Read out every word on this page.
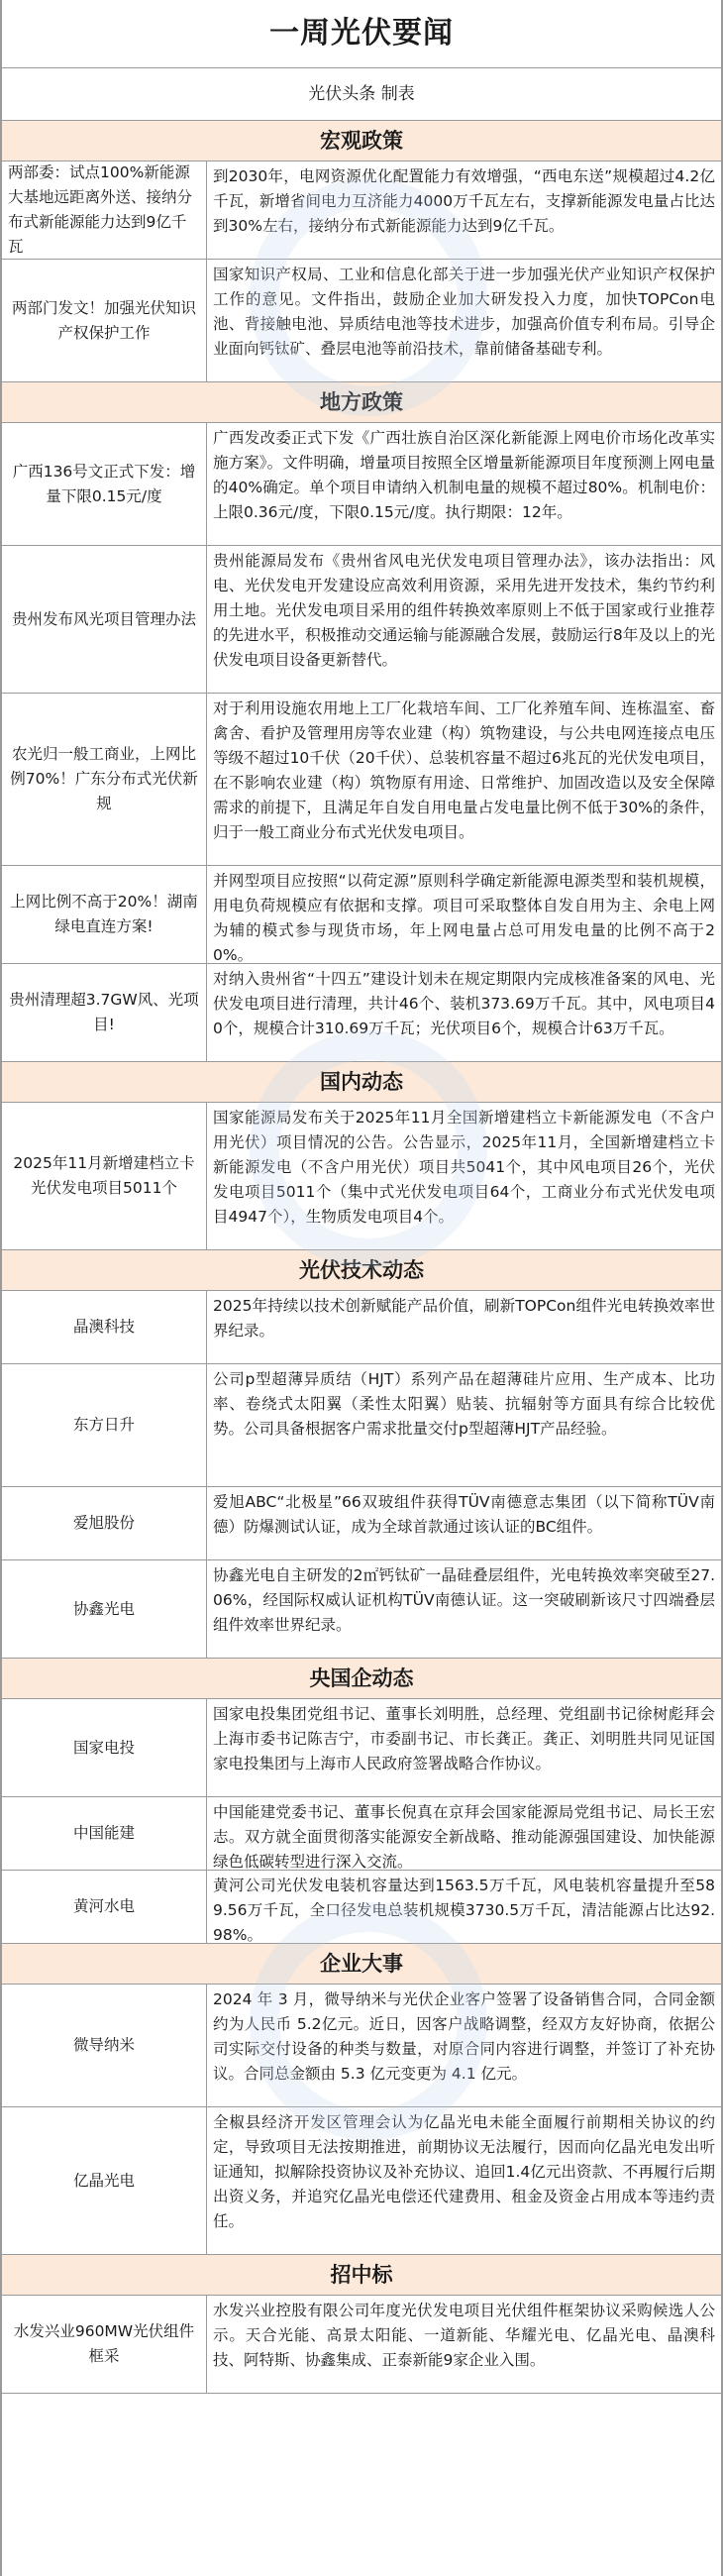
一周光伏要闻
光伏头条 制表
宏观政策
两部委：试点100%新能源大基地远距离外送、接纳分布式新能源能力达到9亿千瓦
到2030年，电网资源优化配置能力有效增强，“西电东送”规模超过4.2亿千瓦，新增省间电力互济能力4000万千瓦左右，支撑新能源发电量占比达到30%左右，接纳分布式新能源能力达到9亿千瓦。
两部门发文！加强光伏知识产权保护工作
国家知识产权局、工业和信息化部关于进一步加强光伏产业知识产权保护工作的意见。文件指出，鼓励企业加大研发投入力度，加快TOPCon电池、背接触电池、异质结电池等技术进步，加强高价值专利布局。引导企业面向钙钛矿、叠层电池等前沿技术，靠前储备基础专利。
地方政策
广西136号文正式下发：增量下限0.15元/度
广西发改委正式下发《广西壮族自治区深化新能源上网电价市场化改革实施方案》。文件明确，增量项目按照全区增量新能源项目年度预测上网电量的40%确定。单个项目申请纳入机制电量的规模不超过80%。机制电价：上限0.36元/度，下限0.15元/度。执行期限：12年。
贵州发布风光项目管理办法
贵州能源局发布《贵州省风电光伏发电项目管理办法》，该办法指出：风电、光伏发电开发建设应高效利用资源，采用先进开发技术，集约节约利用土地。光伏发电项目采用的组件转换效率原则上不低于国家或行业推荐的先进水平，积极推动交通运输与能源融合发展，鼓励运行8年及以上的光伏发电项目设备更新替代。
农光归一般工商业，上网比例70%！广东分布式光伏新规
对于利用设施农用地上工厂化栽培车间、工厂化养殖车间、连栋温室、畜禽舍、看护及管理用房等农业建（构）筑物建设，与公共电网连接点电压等级不超过10千伏（20千伏）、总装机容量不超过6兆瓦的光伏发电项目，在不影响农业建（构）筑物原有用途、日常维护、加固改造以及安全保障需求的前提下，且满足年自发自用电量占发电量比例不低于30%的条件，归于一般工商业分布式光伏发电项目。
上网比例不高于20%！湖南绿电直连方案!
并网型项目应按照“以荷定源”原则科学确定新能源电源类型和装机规模，用电负荷规模应有依据和支撑。项目可采取整体自发自用为主、余电上网为辅的模式参与现货市场，年上网电量占总可用发电量的比例不高于20%。
贵州清理超3.7GW风、光项目!
对纳入贵州省“十四五”建设计划未在规定期限内完成核准备案的风电、光伏发电项目进行清理，共计46个、装机373.69万千瓦。其中，风电项目40个，规模合计310.69万千瓦；光伏项目6个，规模合计63万千瓦。
国内动态
2025年11月新增建档立卡光伏发电项目5011个
国家能源局发布关于2025年11月全国新增建档立卡新能源发电（不含户用光伏）项目情况的公告。公告显示，2025年11月，全国新增建档立卡新能源发电（不含户用光伏）项目共5041个，其中风电项目26个，光伏发电项目5011个（集中式光伏发电项目64个，工商业分布式光伏发电项目4947个），生物质发电项目4个。
光伏技术动态
晶澳科技
2025年持续以技术创新赋能产品价值，刷新TOPCon组件光电转换效率世界纪录。
东方日升
公司p型超薄异质结（HJT）系列产品在超薄硅片应用、生产成本、比功率、卷绕式太阳翼（柔性太阳翼）贴装、抗辐射等方面具有综合比较优势。公司具备根据客户需求批量交付p型超薄HJT产品经验。
爱旭股份
爱旭ABC“北极星”66双玻组件获得TÜV南德意志集团（以下简称TÜV南德）防爆测试认证，成为全球首款通过该认证的BC组件。
协鑫光电
协鑫光电自主研发的2㎡钙钛矿一晶硅叠层组件，光电转换效率突破至27.06%，经国际权威认证机构TÜV南德认证。这一突破刷新该尺寸四端叠层组件效率世界纪录。
央国企动态
国家电投
国家电投集团党组书记、董事长刘明胜，总经理、党组副书记徐树彪拜会上海市委书记陈吉宁，市委副书记、市长龚正。龚正、刘明胜共同见证国家电投集团与上海市人民政府签署战略合作协议。
中国能建
中国能建党委书记、董事长倪真在京拜会国家能源局党组书记、局长王宏志。双方就全面贯彻落实能源安全新战略、推动能源强国建设、加快能源绿色低碳转型进行深入交流。
黄河水电
黄河公司光伏发电装机容量达到1563.5万千瓦，风电装机容量提升至589.56万千瓦，全口径发电总装机规模3730.5万千瓦，清洁能源占比达92.98%。
企业大事
微导纳米
2024 年 3 月，微导纳米与光伏企业客户签署了设备销售合同，合同金额约为人民币 5.2亿元。近日，因客户战略调整，经双方友好协商，依据公司实际交付设备的种类与数量，对原合同内容进行调整，并签订了补充协议。合同总金额由 5.3 亿元变更为 4.1 亿元。
亿晶光电
全椒县经济开发区管理会认为亿晶光电未能全面履行前期相关协议的约定，导致项目无法按期推进，前期协议无法履行，因而向亿晶光电发出听证通知，拟解除投资协议及补充协议、追回1.4亿元出资款、不再履行后期出资义务，并追究亿晶光电偿还代建费用、租金及资金占用成本等违约责任。
招中标
水发兴业960MW光伏组件框采
水发兴业控股有限公司年度光伏发电项目光伏组件框架协议采购候选人公示。天合光能、高景太阳能、一道新能、华耀光电、亿晶光电、晶澳科技、阿特斯、协鑫集成、正泰新能9家企业入围。
